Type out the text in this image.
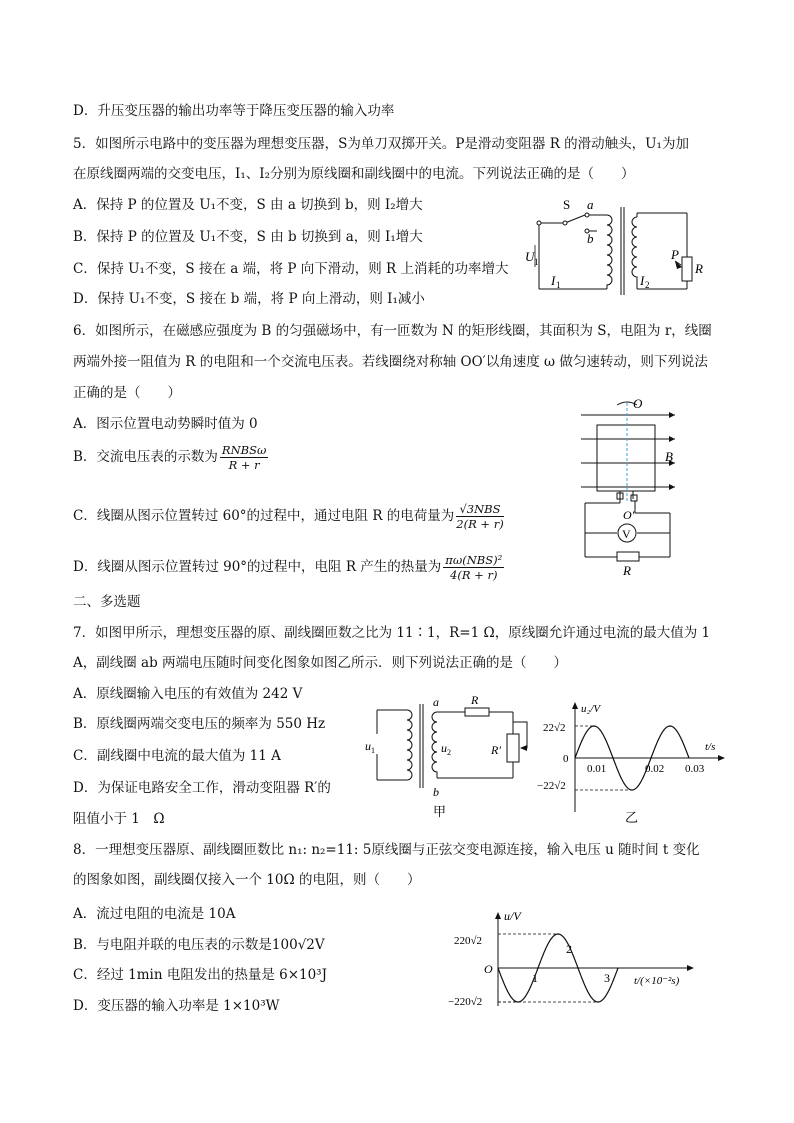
D．升压变压器的输出功率等于降压变压器的输入功率
5．如图所示电路中的变压器为理想变压器，S为单刀双掷开关。P是滑动变阻器 R 的滑动触头，U₁为加
在原线圈两端的交变电压，I₁、I₂分别为原线圈和副线圈中的电流。下列说法正确的是（　　）
A．保持 P 的位置及 U₁不变，S 由 a 切换到 b，则 I₂增大
B．保持 P 的位置及 U₁不变，S 由 b 切换到 a，则 I₁增大
C．保持 U₁不变，S 接在 a 端，将 P 向下滑动，则 R 上消耗的功率增大
D．保持 U₁不变，S 接在 b 端，将 P 向上滑动，则 I₁减小
S a
b
U 1
I 1	I 2
P
R
6．如图所示，在磁感应强度为 B 的匀强磁场中，有一匝数为 N 的矩形线圈，其面积为 S，电阻为 r，线圈
两端外接一阻值为 R 的电阻和一个交流电压表。若线圈绕对称轴 OO′以角速度 ω 做匀速转动，则下列说法
正确的是（　　）
A．图示位置电动势瞬时值为 0
B．交流电压表的示数为 $\frac{\text{RNBSω}}{R + r}$
C．线圈从图示位置转过 60°的过程中，通过电阻 R 的电荷量为 $\frac{\text{√3NBS}}{2(R + r)}$
D．线圈从图示位置转过 90°的过程中，电阻 R 产生的热量为 $\frac{\text{πω(NBS)²}}{4(R + r)}$
O
O′
B
V
R
二、多选题
7．如图甲所示，理想变压器的原、副线圈匝数之比为 11∶1，R=1 Ω，原线圈允许通过电流的最大值为 1
A，副线圈 ab 两端电压随时间变化图象如图乙所示．则下列说法正确的是（　　）
A．原线圈输入电压的有效值为 242 V
B．原线圈两端交变电压的频率为 550 Hz
C．副线圈中电流的最大值为 11 A
D．为保证电路安全工作，滑动变阻器 R′的
阻值小于 1　Ω
u 1	u 2
a
b
R
R′
甲
u₂/V
t/s
22√2
0
−22√2
0.01	0.02 0.03
乙
8．一理想变压器原、副线圈匝数比 n₁: n₂=11: 5原线圈与正弦交变电源连接，输入电压 u 随时间 t 变化
的图象如图，副线圈仅接入一个 10Ω 的电阻，则（　　）
A．流过电阻的电流是 10A
B．与电阻并联的电压表的示数是100√2V
C．经过 1min 电阻发出的热量是 6×10³J
D．变压器的输入功率是 1×10³W
u/V
220√2
O
−220√2
1
2
3 t/(×10⁻²s)
